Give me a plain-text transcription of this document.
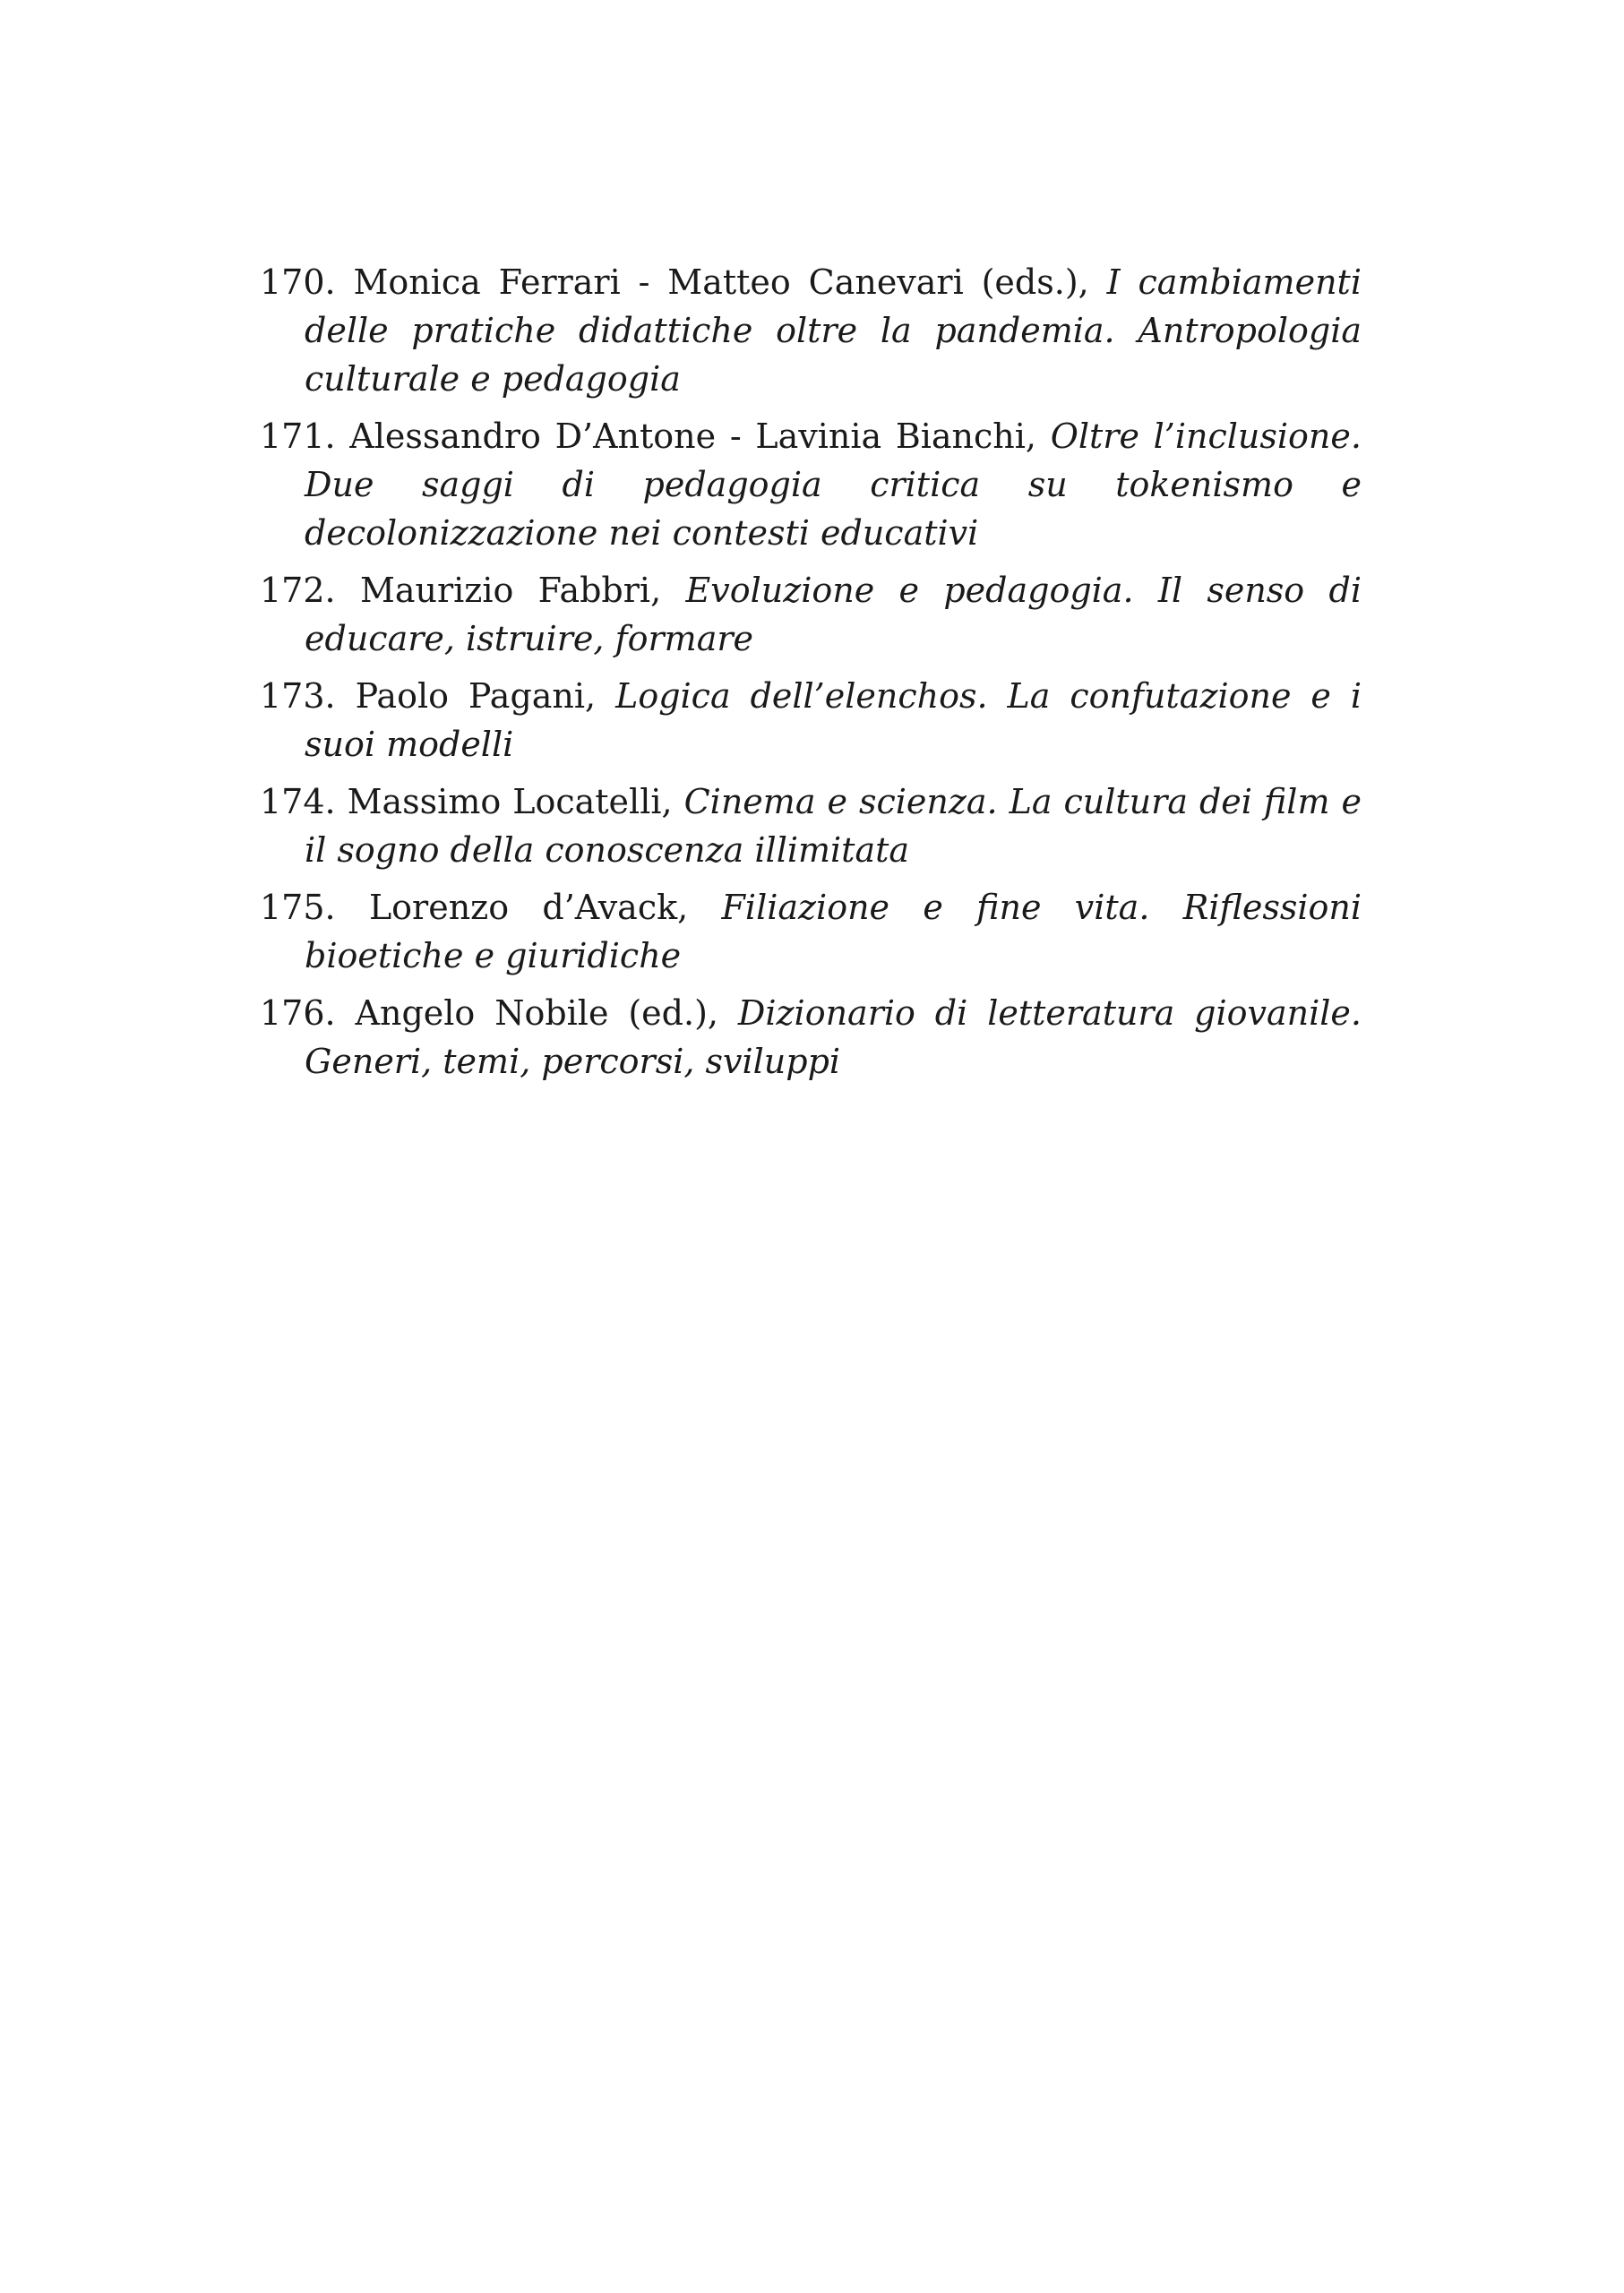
170. Monica Ferrari - Matteo Canevari (eds.), I cambiamenti delle pratiche didattiche oltre la pandemia. Antropologia culturale e pedagogia
171. Alessandro D’Antone - Lavinia Bianchi, Oltre l’inclusione. Due saggi di pedagogia critica su tokenismo e decolonizzazione nei contesti educativi
172. Maurizio Fabbri, Evoluzione e pedagogia. Il senso di educare, istruire, formare
173. Paolo Pagani, Logica dell’elenchos. La confutazione e i suoi modelli
174. Massimo Locatelli, Cinema e scienza. La cultura dei film e il sogno della conoscenza illimitata
175. Lorenzo d’Avack, Filiazione e fine vita. Riflessioni bioetiche e giuridiche
176. Angelo Nobile (ed.), Dizionario di letteratura giovanile. Generi, temi, percorsi, sviluppi
